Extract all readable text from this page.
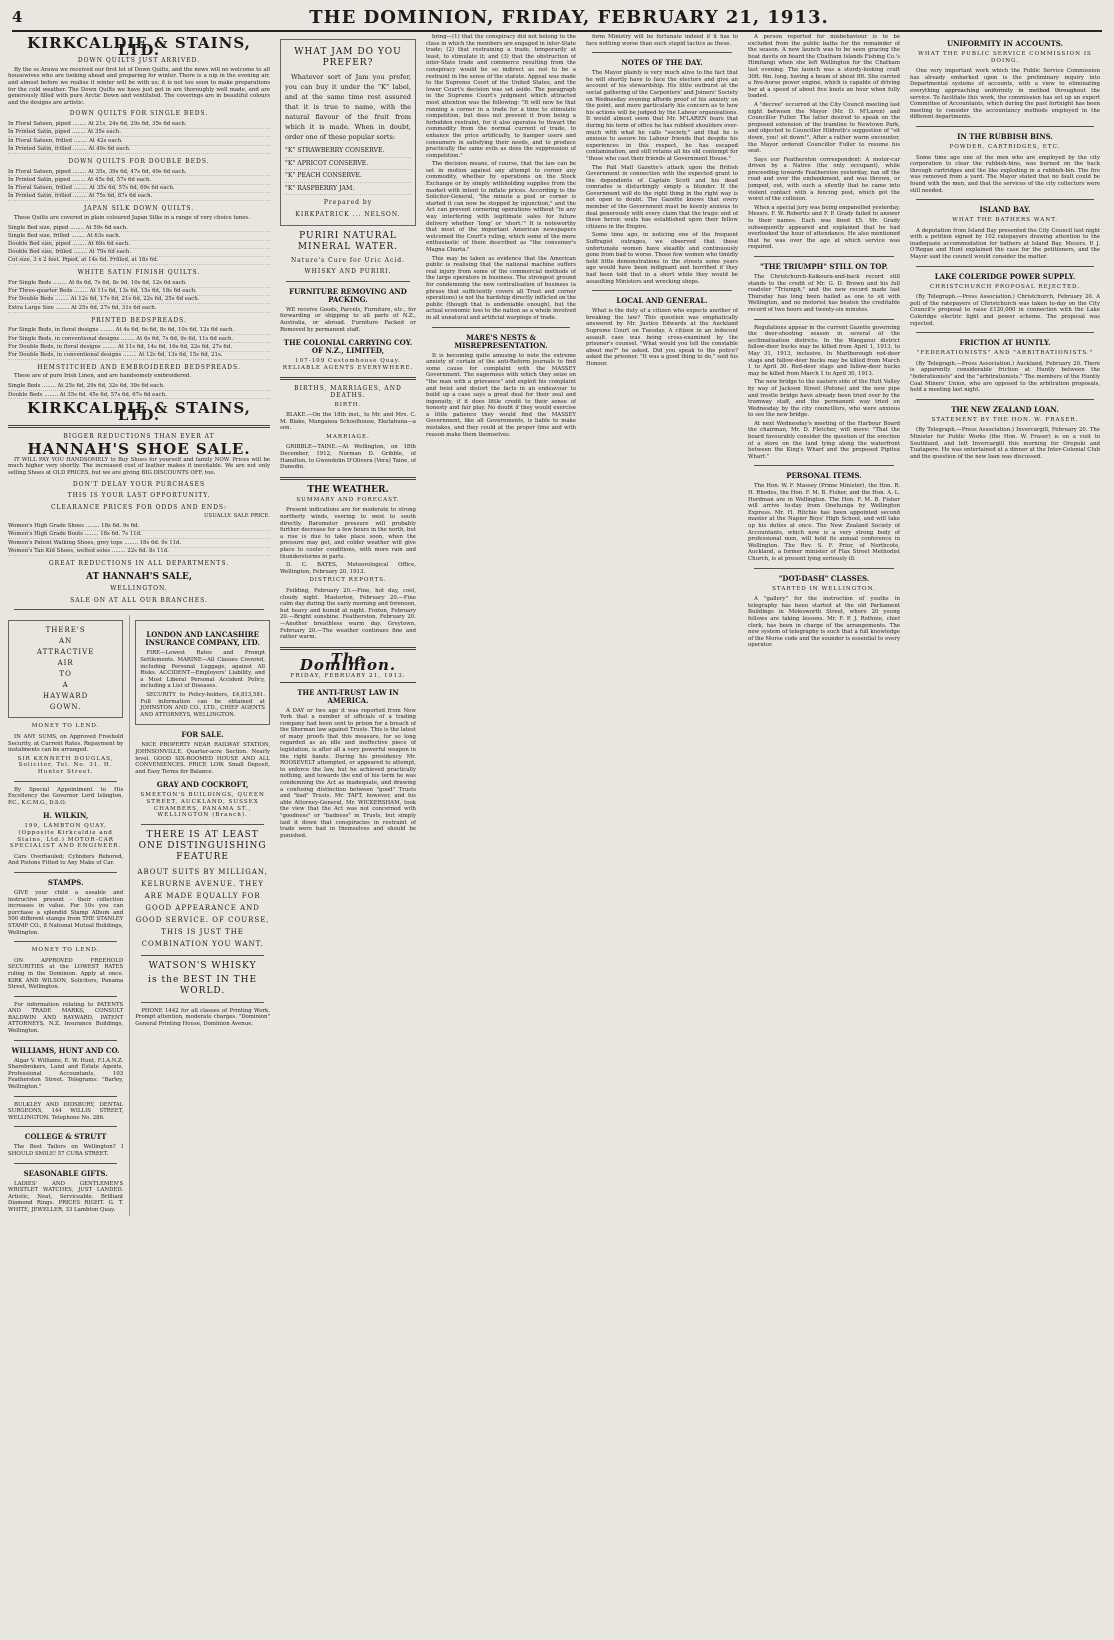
4	THE DOMINION, FRIDAY, FEBRUARY 21, 1913.
KIRKCALDIE & STAINS, LTD.
DOWN QUILTS JUST ARRIVED.

By the ss Arawa we received our first lot of Down Quilts, and the news will no welcome to all housewives who are looking ahead and preparing for winter. There is a nip in the evening air, and almost before we realise it winter will be with us; it is not too soon to make preparations for the cold weather. The Down Quilts we have just got in are thoroughly well made, and are generously filled with pure Arctic Down and ventilated. The coverings are in beautiful colours and the designs are artistic.

DOWN QUILTS FOR SINGLE BEDS.
In Floral Sateen, piped ........ At 21s, 24s 6d, 29s 6d, 35s 6d each.
In Printed Satin, piped ........ At 35s each.
In Floral Sateen, frilled ........ At 42s each.
In Printed Satin, frilled ........ At 49s 6d each.
DOWN QUILTS FOR DOUBLE BEDS.
In Floral Sateen, piped ........ At 35s, 39s 6d, 47s 6d, 49s 6d each.
In Printed Satin, piped ........ At 45s 6d, 57s 6d each.
In Floral Sateen, frilled ........ At 35s 6d, 57s 6d, 69s 6d each.
In Printed Satin, frilled ........ At 75s 6d, 87s 6d each.
JAPAN SILK DOWN QUILTS.

These Quilts are covered in plain coloured Japan Silks in a range of very choice tones.

Single Bed size, piped ........ At 59s 6d each.
Single Bed size, frilled ........ At 63s each.
Double Bed size, piped ........ At 69s 6d each.
Double Bed size, frilled ........ At 79s 6d each.
Cot size, 3 x 2 feet. Piped, at 14s 6d. Frilled, at 18s 6d.
WHITE SATIN FINISH QUILTS.
For Single Beds ........ At 6s 6d, 7s 6d, 8s 9d, 10s 6d, 12s 6d each.
For Three-quarter Beds ........ At 11s 6d, 13s 6d, 15s 6d, 18s 6d each.
For Double Beds ........ At 12s 6d, 17s 6d, 21s 6d, 22s 6d, 25s 6d each.
Extra Large Size ........ At 25s 6d, 27s 6d, 31s 6d each.
PRINTED BEDSPREADS.
For Single Beds, in floral designs ........ At 4s 6d, 6s 6d, 8s 6d, 10s 6d, 12s 6d each.
For Single Beds, in conventional designs ........ At 6s 6d, 7s 6d, 9s 6d, 11s 6d each.
For Double Beds, in floral designs ........ At 11s 6d, 14s 6d, 16s 6d, 22s 6d, 27s 6d.
For Double Beds, in conventional designs ........ At 12s 6d, 13s 6d, 15s 6d, 21s.
HEMSTITCHED AND EMBROIDERED BEDSPREADS.

These are of pure Irish Linen, and are handsomely embroidered.

Single Beds ........ At 25s 6d, 29s 6d, 32s 6d, 39s 6d each.
Double Beds ........ At 35s 6d, 45s 6d, 57s 6d, 67s 6d each.
KIRKCALDIE & STAINS, LTD.
BIGGER REDUCTIONS THAN EVER AT
HANNAH'S SHOE SALE.

IT WILL PAY YOU HANDSOMELY to Buy Shoes for yourself and family NOW. Prices will be much higher very shortly. The increased cost of leather makes it inevitable. We are not only selling Shoes at OLD PRICES, but we are giving BIG DISCOUNTS OFF, too.

DON'T DELAY YOUR PURCHASES
THIS IS YOUR LAST OPPORTUNITY.
CLEARANCE PRICES FOR ODDS AND ENDS:
USUALLY. SALE PRICE.
Women's High Grade Shoes ........ 18s 6d. 9s 6d.
Women's High Grade Boots ........ 18s 6d. 7s 11d.
Women's Patent Walking Shoes, grey tops ........ 18s 6d. 9s 11d.
Women's Tan Kid Shoes, welted soles ........ 22s 6d. 8s 11d.
GREAT REDUCTIONS IN ALL DEPARTMENTS.
AT HANNAH'S SALE,
WELLINGTON.
SALE ON AT ALL OUR BRANCHES.
THERE'S
AN
ATTRACTIVE
AIR
TO
A
HAYWARD
GOWN.
MONEY TO LEND.

IN ANY SUMS, on Approved Freehold Security, at Current Rates. Repayment by instalments can be arranged.

SIR KENNETH DOUGLAS, Solicitor, Tel. No. 31. H. Hunter Street.

By Special Appointment to His Excellency the Governor Lord Islington, P.C., K.C.M.G., D.S.O.

H. WILKIN,
199, LAMBTON QUAY, (Opposite Kirkcaldie and Stains, Ltd.) MOTOR-CAR SPECIALIST AND ENGINEER.

Cars Overhauled; Cylinders Rebored, And Pistons Fitted to Any Make of Car.

STAMPS.

GIVE your child a useable and instructive present - their collection increases in value. For 10s you can purchase a splendid Stamp Album and 500 different stamps from THE STANLEY STAMP CO., 8 National Mutual Buildings, Wellington.

MONEY TO LEND.

ON APPROVED FREEHOLD SECURITIES at the LOWEST RATES ruling in the Dominion. Apply at once. KIRK AND WILSON, Solicitors, Panama Street, Wellington.

For information relating to PATENTS AND TRADE MARKS, CONSULT BALDWIN AND RAYWARD, PATENT ATTORNEYS, N.Z. Insurance Buildings, Wellington.

WILLIAMS, HUNT AND CO.

Algar V. Williams, E. W. Hunt, F.I.A.N.Z. Sharebrokers, Land and Estate Agents, Professional Accountants, 103 Featherston Street. Telegrams: "Barley, Wellington."

BULKLEY AND DIDSBURY, DENTAL SURGEONS, 144 WILLIS STREET, WELLINGTON. Telephone No. 286.

COLLEGE & STRUTT

The Best Tailors on Wellington? I SHOULD SMILE! 57 CUBA STREET.

SEASONABLE GIFTS.

LADIES' AND GENTLEMEN'S WRISTLET WATCHES, JUST LANDED. Artistic, Neat, Serviceable. Brilliant Diamond Rings. PRICES RIGHT. G. T. WHITE, JEWELLER, 33 Lambton Quay.

LONDON AND LANCASHIRE INSURANCE COMPANY, LTD.

FIRE—Lowest Rates and Prompt Settlements. MARINE—All Classes Covered, including Personal Luggage, against All Risks. ACCIDENT—Employers' Liability, and a Most Liberal Personal Accident Policy, including a List of Diseases.

SECURITY to Policy-holders, £4,813,581. Full information can be obtained at JOHNSTON AND CO., LTD., CHIEF AGENTS AND ATTORNEYS, WELLINGTON.

FOR SALE.

NICE PROPERTY NEAR RAILWAY STATION, JOHNSONVILLE. Quarter-acre Section. Nearly level. GOOD SIX-ROOMED HOUSE AND ALL CONVENIENCES. PRICE LOW. Small Deposit, and Easy Terms for Balance.

GRAY AND COCKROFT,
SMEETON'S BUILDINGS, QUEEN STREET, AUCKLAND, SUSSEX CHAMBERS, PANAMA ST., WELLINGTON (Branch).
THERE IS AT LEAST ONE DISTINGUISHING FEATURE
ABOUT SUITS BY MILLIGAN, KELBURNE AVENUE. THEY ARE MADE EQUALLY FOR GOOD APPEARANCE AND GOOD SERVICE. OF COURSE, THIS IS JUST THE COMBINATION YOU WANT.
WATSON'S WHISKY
is the BEST IN THE WORLD.

PHONE 1442 for all classes of Printing Work. Prompt attention, moderate charges. "Dominion" General Printing House, Dominion Avenue.

WHAT JAM DO YOU PREFER?

Whatever sort of Jam you prefer, you can buy it under the "K" label, and at the same time rest assured that it is true to name, with the natural flavour of the fruit from which it is made. When in doubt, order one of these popular sorts:

"K" STRAWBERRY CONSERVE.
"K" APRICOT CONSERVE.
"K" PEACH CONSERVE.
"K" RASPBERRY JAM.
Prepared by
KIRKPATRICK ... NELSON.
PURIRI NATURAL MINERAL WATER.
Nature's Cure for Uric Acid.
WHISKY AND PURIRI.
FURNITURE REMOVING AND PACKING.

WE receive Goods, Parcels, Furniture, etc., for forwarding or shipping to all parts of N.Z., Australia, or abroad. Furniture Packed or Removed by permanent staff.

THE COLONIAL CARRYING COY. OF N.Z., LIMITED,
107-109 Customhouse Quay. RELIABLE AGENTS EVERYWHERE.
BIRTHS, MARRIAGES, AND DEATHS.
BIRTH.

BLAKE.—On the 18th inst., to Mr. and Mrs. C. M. Blake, Manganoa Schoolhouse, Eketahuna—a son.

MARRIAGE.

GRIBBLE—TAINE.—At Wellington, on 18th December, 1912, Norman D. Gribble, of Hamilton, to Gwendolin D'Olivera (Vera) Taine, of Dunedin.

THE WEATHER.
SUMMARY AND FORECAST.

Present indications are for moderate to strong northerly winds, veering to west to south directly. Barometer pressure will probably further decrease for a few hours in the north, but a rise is due to take place soon, when the pressure may get, and colder weather will give place to cooler conditions, with more rain and thunderstorms in parts.

D. C. BATES, Meteorological Office, Wellington, February 20, 1913.

DISTRICT REPORTS.

Feilding, February 20.—Fine, hot day, cool, cloudy night. Masterton, February 20.—Fine calm day during the early morning and forenoon, but heavy and humid at night. Foxton, February 20.—Bright sunshine. Featherston, February 20.—Another breathless warm day. Greytown, February 20.—The weather continues fine and rather warm.

The Dominion.
FRIDAY, FEBRUARY 21, 1913.
THE ANTI-TRUST LAW IN AMERICA.

A DAY or two ago it was reported from New York that a number of officials of a trading company had been sent to prison for a breach of the Sherman law against Trusts. This is the latest of many proofs that this measure, for so long regarded as an idle and ineffective piece of legislation, is after all a very powerful weapon in the right hands. During his presidency Mr. ROOSEVELT attempted, or appeared to attempt, to enforce the law, but he achieved practically nothing, and towards the end of his term he was condemning the Act as inadequate, and drawing a confusing distinction between "good" Trusts and "bad" Trusts. Mr. TAFT, however, and his able Attorney-General, Mr. WICKERSHAM, took the view that the Act was not concerned with "goodness" or "badness" in Trusts, but simply laid it down that conspiracies in restraint of trade were bad in themselves and should be punished.

bring—(1) that the conspiracy did not belong to the class in which the members are engaged in inter-State trade; (2) that restraining a trade, temporarily at least, to stimulate it; and (3) that the obstruction of inter-State trade and commerce resulting from the conspiracy would be so indirect as not to be a restraint in the sense of the statute. Appeal was made to the Supreme Court of the United States, and the lower Court's decision was set aside. The paragraph in the Supreme Court's judgment which attracted most attention was the following: "It will now be that running a corner in a trade for a time to stimulate competition, but does not prevent it from being a forbidden restraint, for it also operates to thwart the commodity from the normal current of trade, to enhance the price artificially, to hamper users and consumers in satisfying their needs, and to produce practically the same evils as does the suppression of competition."

The decision means, of course, that the law can be set in motion against any attempt to corner any commodity, whether by operations on the Stock Exchange or by simply withholding supplies from the market with intent to inflate prices. According to the Solicitor-General, "the minute a pool or corner is started it can now be stopped by injunction," and the Act can prevent cornering operations without "in any way interfering with legitimate sales for future delivery whether 'long' or 'short.'" It is noteworthy that most of the important American newspapers welcomed the Court's ruling, which some of the more enthusiastic of them described as "the consumer's Magna Charta."

This may be taken as evidence that the American public is realising that the national machine suffers real injury from some of the commercial methods of the large operators in business. The strongest ground for condemning the new centralisation of business (a phrase that sufficiently covers all Trust and corner operations) is not the hardship directly inflicted on the public (though that is undeniable enough), but the actual economic loss to the nation as a whole involved in all unnatural and artificial warpings of trade.

MARE'S NESTS & MISREPRESENTATION.

It is becoming quite amusing to note the extreme anxiety of certain of the anti-Reform journals to find some cause for complaint with the MASSEY Government. The eagerness with which they seize on "the man with a grievance" and exploit his complaint and twist and distort the facts in an endeavour to build up a case says a great deal for their zeal and ingenuity, if it does little credit to their sense of honesty and fair play. No doubt if they would exercise a little patience they would find the MASSEY Government, like all Governments, is liable to make mistakes, and they could at the proper time and with reason make them themselves.

form Ministry will be fortunate indeed if it has to face nothing worse than such stupid tactics as these.

NOTES OF THE DAY.

The Mayor plainly is very much alive to the fact that he will shortly have to face the electors and give an account of his stewardship. His little outburst at the social gathering of the Carpenters' and Joiners' Society on Wednesday evening affords proof of his anxiety on the point, and more particularly his concern as to how his actions will be judged by the Labour organisations. It would almost seem that Mr. M'LAREN fears that during his term of office he has rubbed shoulders over-much with what he calls "society," and that he is anxious to assure his Labour friends that despite his experiences in this respect, he has escaped contamination, and still retains all his old contempt for "those who cast their friends at Government House."

The Pall Mall Gazette's attack upon the British Government in connection with the expected grant to the dependents of Captain Scott and his dead comrades is disturbingly simply a blunder. If the Government will do the right thing in the right way is not open to doubt. The Gazette knows that every member of the Government must be keenly anxious to deal generously with every claim that the tragic end of these heroic souls has established upon their fellow citizens in the Empire.

Some time ago, in noticing one of the frequent Suffragist outrages, we observed that these unfortunate women have steadily and continuously gone from bad to worse. Those few women who timidly held little demonstrations in the streets some years ago would have been indignant and horrified if they had been told that in a short while they would be assaulting Ministers and wrecking shops.

LOCAL AND GENERAL.

What is the duty of a citizen who expects another of breaking the law? This question was emphatically answered by Mr. Justice Edwards at the Auckland Supreme Court on Tuesday. A citizen in an indecent assault case was being cross-examined by the prisoner's counsel. "What would you tell the constable about me?" he asked. Did you speak to the police? asked the prisoner. "It was a good thing to do," said his Honour.

A person reported for misbehaviour is to be excluded from the public baths for the remainder of the season. A new launch was to be seen gracing the boat davits on board the Chatham Islands Fishing Co.'s Himitangi when she left Wellington for the Chatham last evening. The launch was a sturdy-looking craft 30ft. 6in. long, having a beam of about 8ft. She carried a five-horse power engine, which is capable of driving her at a speed of about five knots an hour when fully loaded.

A "decree" occurred at the City Council meeting last night between the Mayor (Mr. D. M'Laren) and Councillor Fuller. The latter desired to speak on the proposed extension of the tramline to Newtown Park, and objected to Councillor Hildreth's suggestion of "sit down, you! sit down!". After a rather warm encounter, the Mayor ordered Councillor Fuller to resume his seat.

Says our Featherston correspondent: A motor-car driven by a Native (the only occupant), while proceeding towards Featherston yesterday, ran off the road and over the embankment, and was thrown, or jumped, out, with such a silently that he came into violent contact with a fencing post, which got the worst of the collision.

When a special jury was being empanelled yesterday, Messrs. F. W. Robertts and F. P. Grady failed to answer to their names. Each was fined £5. Mr. Grady subsequently appeared and explained that he had overlooked the hour of attendance. He also mentioned that he was over the age at which service was required.

"THE TRIUMPH" STILL ON TOP.

The Christchurch-Kaikoura-and-back record still stands to the credit of Mr. G. D. Brown and his full roadster "Triumph," and the new record made last Thursday has long been hailed as one to sit with Wellington, and no motorist has beaten the creditable record of two hours and twenty-six minutes.

Regulations appear in the current Gazette governing the deer-shooting season in several of the acclimatisation districts. In the Wanganui district fallow-deer bucks may be killed from April 1, 1913, to May 31, 1913, inclusive. In Marlborough red-deer stags and fallow-deer bucks may be killed from March 1 to April 30. Red-deer stags and fallow-deer bucks may be killed from March 1 to April 30, 1913.

The new bridge to the eastern side of the Hutt Valley by way of Jackson Street (Petone) and the new pipe and trestle bridge have already been tried over by the tramway staff, and the permanent way tried on Wednesday by the city councillors, who were anxious to see the new bridge.

At next Wednesday's meeting of the Harbour Board the chairman, Mr. D. Fletcher, will move: "That the board favourably consider the question of the erection of a store on the land lying along the waterfront between the King's Wharf and the proposed Pipitea Wharf."

PERSONAL ITEMS.

The Hon. W. F. Massey (Prime Minister), the Hon. R. H. Rhodes, the Hon. F. M. B. Fisher, and the Hon. A. L. Herdman are in Wellington. The Hon. F. M. B. Fisher will arrive to-day from Onehunga by Wellington Express. Mr. H. Ritchie has been appointed second master at the Napier Boys' High School, and will take up his duties at once. The New Zealand Society of Accountants, which now is a very strong body of professional men, will hold its annual conference in Wellington. The Rev. S. F. Prior, of Northcote, Auckland, a former minister of Flax Street Methodist Church, is at present lying seriously ill.

"DOT-DASH" CLASSES.
STARTED IN WELLINGTON.

A "gallery" for the instruction of youths in telegraphy has been started at the old Parliament Buildings in Molesworth Street, where 20 young fellows are taking lessons. Mr. F. P. J. Rothnie, chief clerk, has been in charge of the arrangements. The new system of telegraphy is such that a full knowledge of the Morse code and the sounder is essential to every operator.

UNIFORMITY IN ACCOUNTS.
WHAT THE PUBLIC SERVICE COMMISSION IS DOING.

One very important work which the Public Service Commission has already embarked upon is the preliminary inquiry into Departmental systems of accounts, with a view to eliminating everything approaching uniformity in method throughout the service. To facilitate this work, the commission has set up an expert Committee of Accountants, which during the past fortnight has been meeting to consider the accountancy methods employed in the different departments.

IN THE RUBBISH BINS.
POWDER, CARTRIDGES, ETC.

Some time ago one of the men who are employed by the city corporation to clear the rubbish-bins, was burned on the back through cartridges and the like exploding in a rubbish-bin. The fire was removed from a yard. The Mayor stated that no fault could be found with the men, and that the services of the city collectors were still needed.

ISLAND BAY.
WHAT THE BATHERS WANT.

A deputation from Island Bay presented the City Council last night with a petition signed by 102 ratepayers drawing attention to the inadequate accommodation for bathers at Island Bay. Messrs. P. J. O'Regan and Hunt explained the case for the petitioners, and the Mayor said the council would consider the matter.

LAKE COLERIDGE POWER SUPPLY.
CHRISTCHURCH PROPOSAL REJECTED.

(By Telegraph.—Press Association.) Christchurch, February 20. A poll of the ratepayers of Christchurch was taken to-day on the City Council's proposal to raise £120,000 in connection with the Lake Coleridge electric light and power scheme. The proposal was rejected.

FRICTION AT HUNTLY.
"FEDERATIONISTS" AND "ARBITRATIONISTS."

(By Telegraph.—Press Association.) Auckland, February 20. There is apparently considerable friction at Huntly between the "federationists" and the "arbitrationists." The members of the Huntly Coal Miners' Union, who are opposed to the arbitration proposals, held a meeting last night.

THE NEW ZEALAND LOAN.
STATEMENT BY THE HON. W. FRASER.

(By Telegraph.—Press Association.) Invercargill, February 20. The Minister for Public Works (the Hon. W. Fraser) is on a visit to Southland, and left Invercargill this morning for Orepuki and Tuatapere. He was entertained at a dinner at the Inter-Colonial Club and the question of the new loan was discussed.
